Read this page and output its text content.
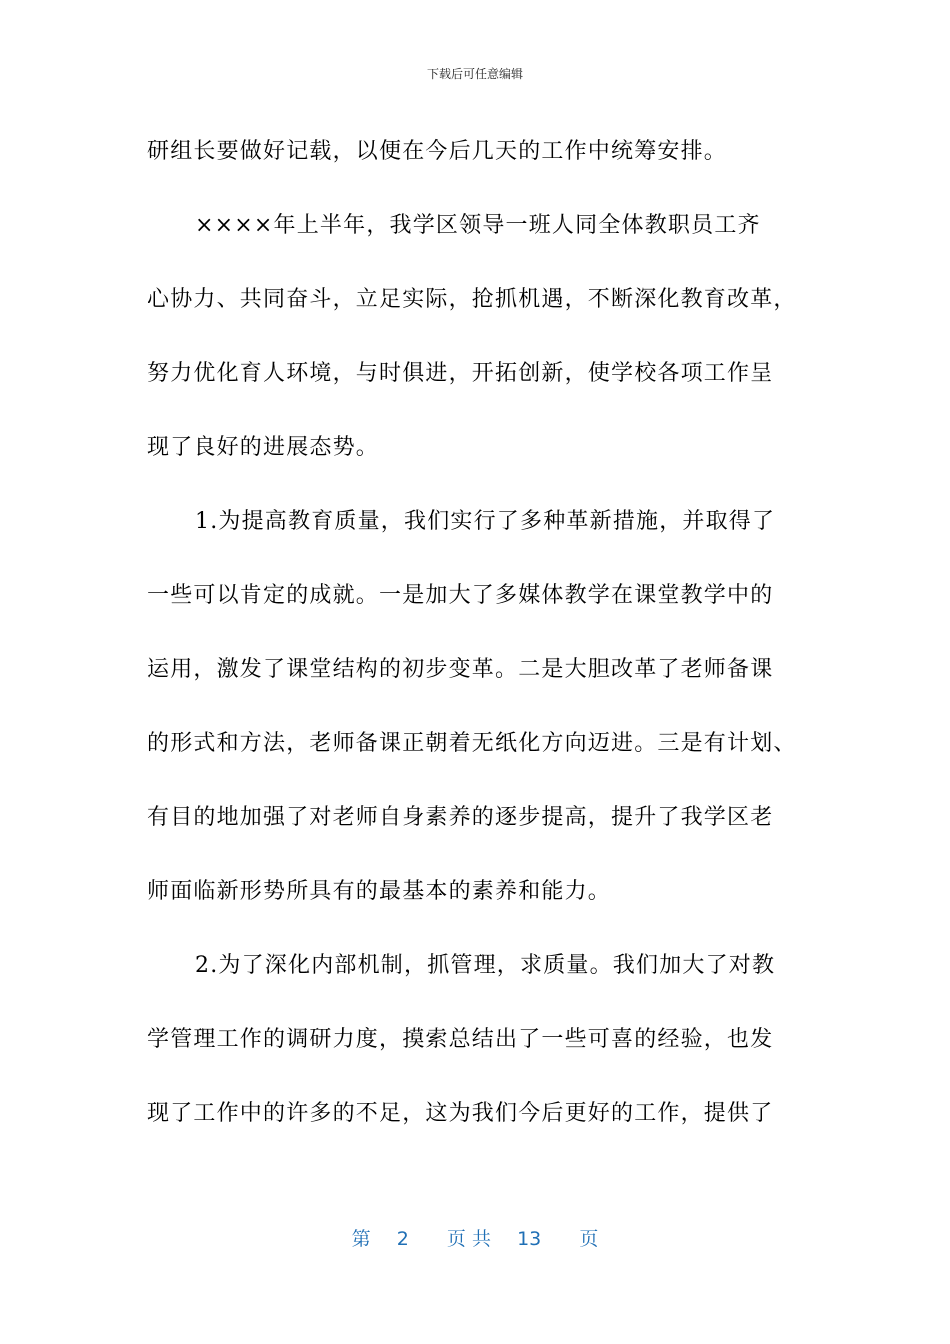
下载后可任意编辑
研组长要做好记载，以便在今后几天的工作中统筹安排。
××××年上半年，我学区领导一班人同全体教职员工齐
心协力、共同奋斗，立足实际，抢抓机遇，不断深化教育改革，
努力优化育人环境，与时俱进，开拓创新，使学校各项工作呈
现了良好的进展态势。
1.为提高教育质量，我们实行了多种革新措施，并取得了
一些可以肯定的成就。一是加大了多媒体教学在课堂教学中的
运用，激发了课堂结构的初步变革。二是大胆改革了老师备课
的形式和方法，老师备课正朝着无纸化方向迈进。三是有计划、
有目的地加强了对老师自身素养的逐步提高，提升了我学区老
师面临新形势所具有的最基本的素养和能力。
2.为了深化内部机制，抓管理，求质量。我们加大了对教
学管理工作的调研力度，摸索总结出了一些可喜的经验，也发
现了工作中的许多的不足，这为我们今后更好的工作，提供了
第 2 页 共 13 页
